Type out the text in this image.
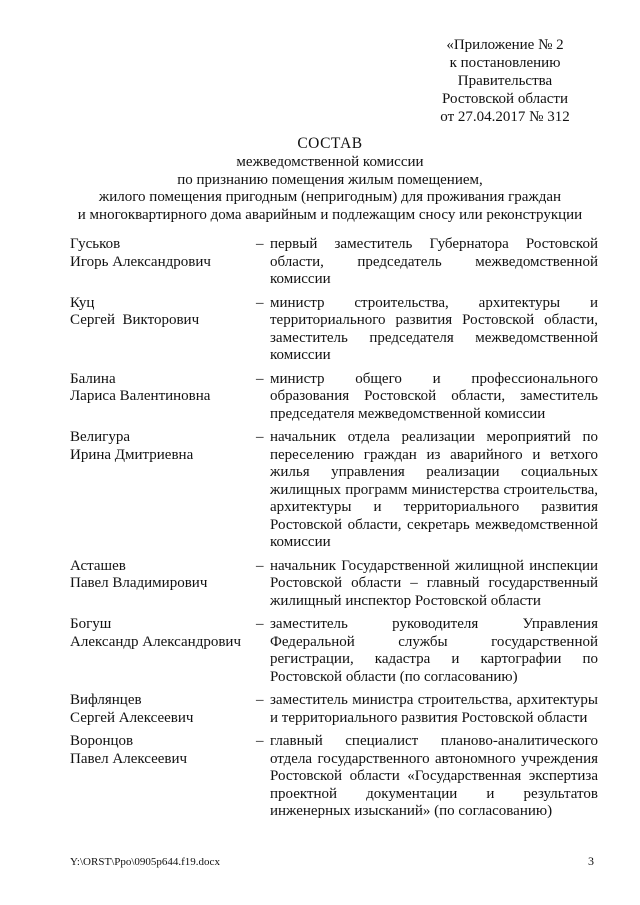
«Приложение № 2
к постановлению
Правительства
Ростовской области
от 27.04.2017 № 312
СОСТАВ
межведомственной комиссии
по признанию помещения жилым помещением,
жилого помещения пригодным (непригодным) для проживания граждан
и многоквартирного дома аварийным и подлежащим сносу или реконструкции
Гуськов
Игорь Александрович
– первый заместитель Губернатора Ростовской области, председатель межведомственной комиссии
Куц
Сергей  Викторович
– министр строительства, архитектуры и территориального развития Ростовской области, заместитель председателя межведомственной комиссии
Балина
Лариса Валентиновна
– министр общего и профессионального образования Ростовской области, заместитель председателя межведомственной комиссии
Велигура
Ирина Дмитриевна
– начальник отдела реализации мероприятий по переселению граждан из аварийного и ветхого жилья управления реализации социальных жилищных программ министерства строительства, архитектуры и территориального развития Ростовской области, секретарь межведомственной комиссии
Асташев
Павел Владимирович
– начальник Государственной жилищной инспекции Ростовской области – главный государственный жилищный инспектор Ростовской области
Богуш
Александр Александрович
– заместитель руководителя Управления Федеральной службы государственной регистрации, кадастра и картографии по Ростовской области (по согласованию)
Вифлянцев
Сергей Алексеевич
– заместитель министра строительства, архитектуры и территориального развития Ростовской области
Воронцов
Павел Алексеевич
– главный специалист планово-аналитического отдела государственного автономного учреждения Ростовской области «Государственная экспертиза проектной документации и результатов инженерных изысканий» (по согласованию)
Y:\ORST\Ppo\0905p644.f19.docx	3
